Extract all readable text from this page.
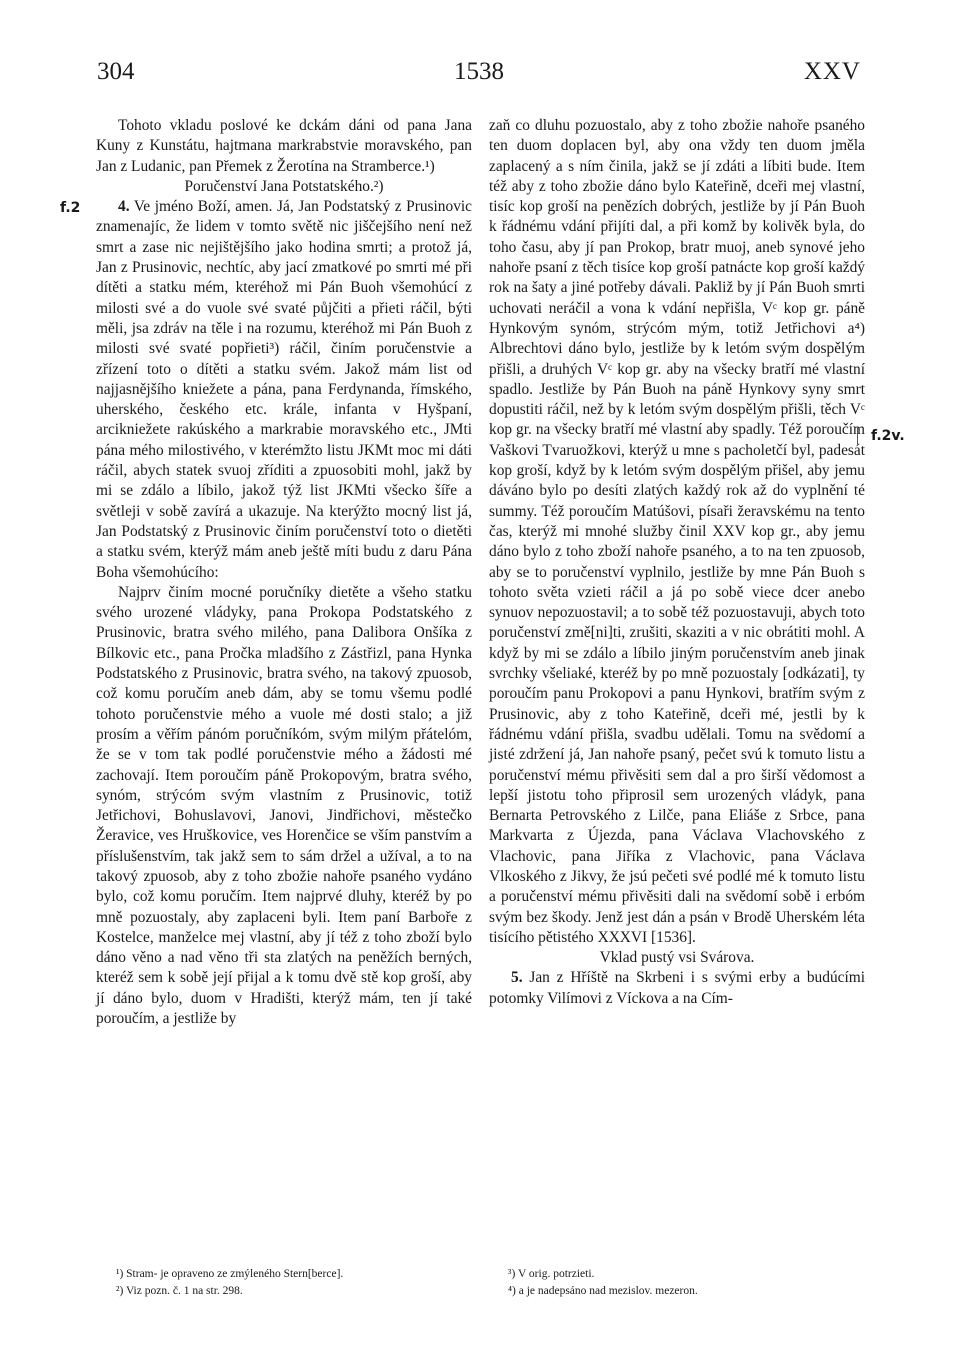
304	1538	XXV
f.2
f.2v.

Tohoto vkladu poslové ke dckám dáni od pana Jana Kuny z Kunstátu, hajtmana markrabstvie moravského, pan Jan z Ludanic, pan Přemek z Žerotína na Stramberce.¹)

Poručenství Jana Potstatského.²)

4. Ve jméno Boží, amen. Já, Jan Podstatský z Prusinovic znamenajíc, že lidem v tomto světě nic jiščejšího není než smrt a zase nic nejištějšího jako hodina smrti; a protož já, Jan z Prusinovic, nechtíc, aby jací zmatkové po smrti mé při dítěti a statku mém, kteréhož mi Pán Buoh všemohúcí z milosti své a do vuole své svaté půjčiti a přieti ráčil, býti měli, jsa zdráv na těle i na rozumu, kteréhož mi Pán Buoh z milosti své svaté popřieti³) ráčil, činím poručenstvie a zřízení toto o dítěti a statku svém. Jakož mám list od najjasnějšího kniežete a pána, pana Ferdynanda, římského, uherského, českého etc. krále, infanta v Hyšpaní, arcikniežete rakúského a markrabie moravského etc., JMti pána mého milostivého, v kterémžto listu JKMt moc mi dáti ráčil, abych statek svuoj zříditi a zpuosobiti mohl, jakž by mi se zdálo a líbilo, jakož týž list JKMti všecko šíře a světleji v sobě zavírá a ukazuje. Na kterýžto mocný list já, Jan Podstatský z Prusinovic činím poručenství toto o dietěti a statku svém, kterýž mám aneb ještě míti budu z daru Pána Boha všemohúcího:

Najprv činím mocné poručníky dietěte a všeho statku svého urozené vládyky, pana Prokopa Podstatského z Prusinovic, bratra svého milého, pana Dalibora Onšíka z Bílkovic etc., pana Pročka mladšího z Zástřizl, pana Hynka Podstatského z Prusinovic, bratra svého, na takový zpuosob, což komu poručím aneb dám, aby se tomu všemu podlé tohoto poručenstvie mého a vuole mé dosti stalo; a již prosím a věřím pánóm poručníkóm, svým milým přátelóm, že se v tom tak podlé poručenstvie mého a žádosti mé zachovají. Item poroučím páně Prokopovým, bratra svého, synóm, strýcóm svým vlastním z Prusinovic, totiž Jetřichovi, Bohuslavovi, Janovi, Jindřichovi, městečko Žeravice, ves Hruškovice, ves Horenčice se vším panstvím a příslušenstvím, tak jakž sem to sám držel a užíval, a to na takový zpuosob, aby z toho zbožie nahoře psaného vydáno bylo, což komu poručím. Item najprvé dluhy, kteréž by po mně pozuostaly, aby zaplaceni byli. Item paní Barboře z Kostelce, manželce mej vlastní, aby jí též z toho zboží bylo dáno věno a nad věno tři sta zlatých na peněžích berných, kteréž sem k sobě její přijal a k tomu dvě stě kop groší, aby jí dáno bylo, duom v Hradišti, kterýž mám, ten jí také poroučím, a jestliže by

zaň co dluhu pozuostalo, aby z toho zbožie nahoře psaného ten duom doplacen byl, aby ona vždy ten duom jměla zaplacený a s ním činila, jakž se jí zdáti a líbiti bude. Item též aby z toho zbožie dáno bylo Kateřině, dceři mej vlastní, tisíc kop groší na penězích dobrých, jestliže by jí Pán Buoh k řádnému vdání přijíti dal, a při komž by kolivěk byla, do toho času, aby jí pan Prokop, bratr muoj, aneb synové jeho nahoře psaní z těch tisíce kop groší patnácte kop groší každý rok na šaty a jiné potřeby dávali. Pakliž by jí Pán Buoh smrti uchovati neráčil a vona k vdání nepřišla, Vᶜ kop gr. páně Hynkovým synóm, strýcóm mým, totiž Jetřichovi a⁴) Albrechtovi dáno bylo, jestliže by k letóm svým dospělým přišli, a druhých Vᶜ kop gr. aby na všecky bratří mé vlastní spadlo. Jestliže by Pán Buoh na páně Hynkovy syny smrt dopustiti ráčil, než by k letóm svým dospělým přišli, těch Vᶜ kop gr. na všecky bratří mé vlastní aby spadly. Též poroučím Vaškovi Tvaruožkovi, kterýž u mne s pacholetčí byl, padesát kop groší, když by k letóm svým dospělým přišel, aby jemu dáváno bylo po desíti zlatých každý rok až do vyplnění té summy. Též poroučím Matúšovi, písaři žeravskému na tento čas, kterýž mi mnohé služby činil XXV kop gr., aby jemu dáno bylo z toho zboží nahoře psaného, a to na ten zpuosob, aby se to poručenství vyplnilo, jestliže by mne Pán Buoh s tohoto světa vzieti ráčil a já po sobě viece dcer anebo synuov nepozuostavil; a to sobě též pozuostavuji, abych toto poručenství změ[ni]ti, zrušiti, skaziti a v nic obrátiti mohl. A když by mi se zdálo a líbilo jiným poručenstvím aneb jinak svrchky všeliaké, kteréž by po mně pozuostaly [odkázati], ty poroučím panu Prokopovi a panu Hynkovi, bratřím svým z Prusinovic, aby z toho Kateřině, dceři mé, jestli by k řádnému vdání přišla, svadbu udělali. Tomu na svědomí a jisté zdržení já, Jan nahoře psaný, pečet svú k tomuto listu a poručenství mému přivěsiti sem dal a pro širší vědomost a lepší jistotu toho připrosil sem urozených vládyk, pana Bernarta Petrovského z Lilče, pana Eliáše z Srbce, pana Markvarta z Újezda, pana Václava Vlachovského z Vlachovic, pana Jiříka z Vlachovic, pana Václava Vlkoského z Jikvy, že jsú pečeti své podlé mé k tomuto listu a poručenství mému přivěsiti dali na svědomí sobě i erbóm svým bez škody. Jenž jest dán a psán v Brodě Uherském léta tisícího pětistého XXXVI [1536].

Vklad pustý vsi Svárova.

5. Jan z Hříště na Skrbeni i s svými erby a budúcími potomky Vilímovi z Víckova a na Cím-

¹) Stram- je opraveno ze zmýleného Stern[berce].

²) Viz pozn. č. 1 na str. 298.

³) V orig. potrzieti.

⁴) a je nadepsáno nad mezislov. mezeron.
